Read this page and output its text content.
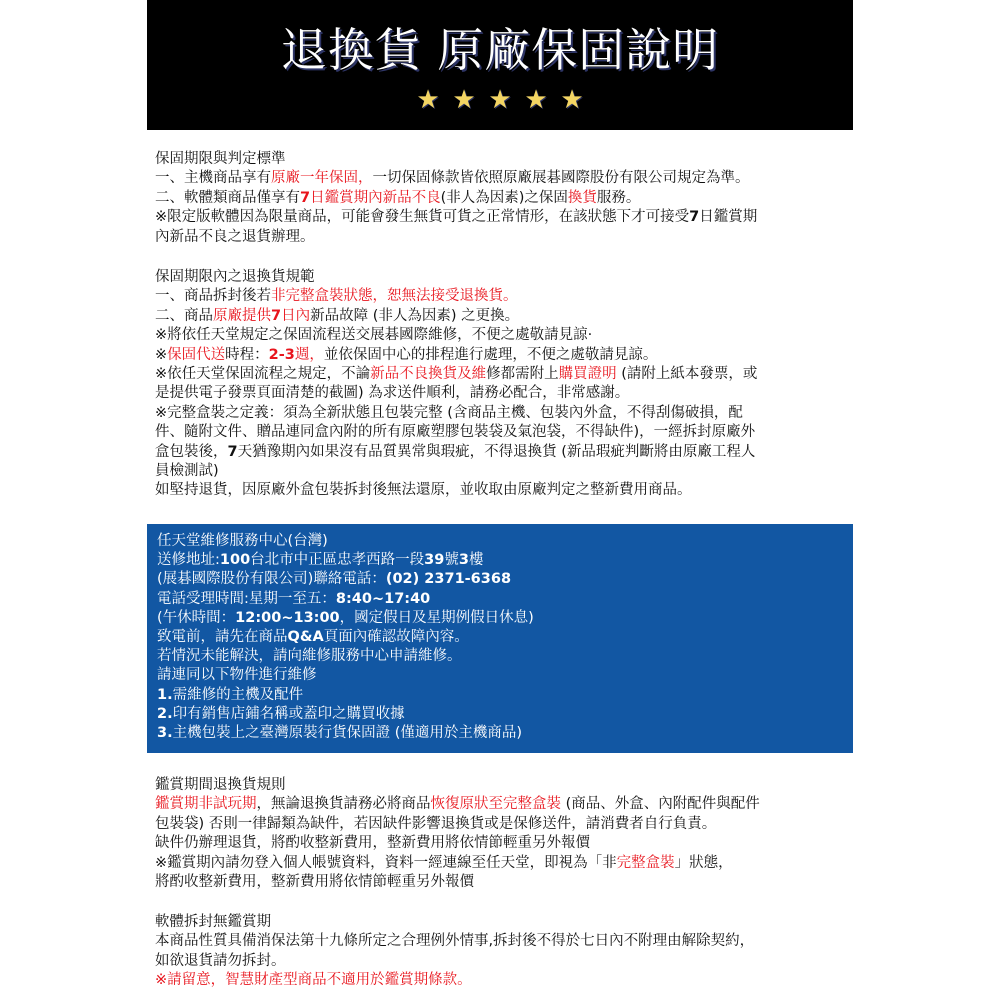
退換貨 原廠保固說明
★ ★ ★ ★ ★
保固期限與判定標準
一、主機商品享有原廠一年保固，一切保固條款皆依照原廠展碁國際股份有限公司規定為準。
二、軟體類商品僅享有7日鑑賞期內新品不良(非人為因素)之保固換貨服務。
※限定版軟體因為限量商品，可能會發生無貨可貨之正常情形，在該狀態下才可接受7日鑑賞期
內新品不良之退貨辦理。
保固期限內之退換貨規範
一、商品拆封後若非完整盒裝狀態，恕無法接受退換貨。
二、商品原廠提供7日內新品故障 (非人為因素) 之更換。
※將依任天堂規定之保固流程送交展碁國際維修，不便之處敬請見諒·
※保固代送時程：2-3週，並依保固中心的排程進行處理，不便之處敬請見諒。
※依任天堂保固流程之規定，不論新品不良換貨及維修都需附上購買證明 (請附上紙本發票，或
是提供電子發票頁面清楚的截圖) 為求送件順利，請務必配合，非常感謝。
※完整盒裝之定義：須為全新狀態且包裝完整 (含商品主機、包裝內外盒，不得刮傷破損，配
件、隨附文件、贈品連同盒內附的所有原廠塑膠包裝袋及氣泡袋，不得缺件)，一經拆封原廠外
盒包裝後，7天猶豫期內如果沒有品質異常與瑕疵，不得退換貨 (新品瑕疵判斷將由原廠工程人
員檢測試)
如堅持退貨，因原廠外盒包裝拆封後無法還原，並收取由原廠判定之整新費用商品。
任天堂維修服務中心(台灣)
送修地址:100台北市中正區忠孝西路一段39號3樓
(展碁國際股份有限公司)聯絡電話：(02) 2371-6368
電話受理時間:星期一至五：8:40~17:40
(午休時間：12:00~13:00，國定假日及星期例假日休息)
致電前，請先在商品Q&A頁面內確認故障內容。
若情況未能解決，請向維修服務中心申請維修。
請連同以下物件進行維修
1.需維修的主機及配件
2.印有銷售店鋪名稱或蓋印之購買收據
3.主機包裝上之臺灣原裝行貨保固證 (僅適用於主機商品)
鑑賞期間退換貨規則
鑑賞期非試玩期，無論退換貨請務必將商品恢復原狀至完整盒裝 (商品、外盒、內附配件與配件
包裝袋) 否則一律歸類為缺件，若因缺件影響退換貨或是保修送件，請消費者自行負責。
缺件仍辦理退貨，將酌收整新費用，整新費用將依情節輕重另外報價
※鑑賞期內請勿登入個人帳號資料，資料一經連線至任天堂，即視為「非完整盒裝」狀態，
將酌收整新費用，整新費用將依情節輕重另外報價
軟體拆封無鑑賞期
本商品性質具備消保法第十九條所定之合理例外情事,拆封後不得於七日內不附理由解除契約，
如欲退貨請勿拆封。
※請留意，智慧財產型商品不適用於鑑賞期條款。
